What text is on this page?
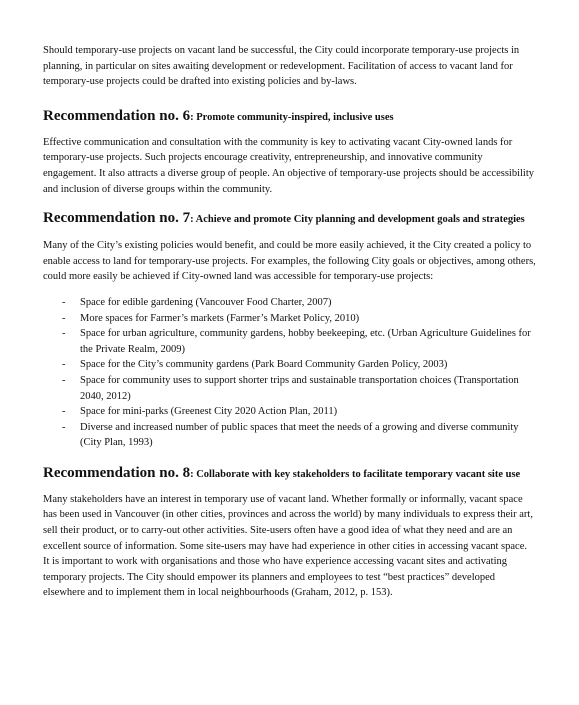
Should temporary-use projects on vacant land be successful, the City could incorporate temporary-use projects in planning, in particular on sites awaiting development or redevelopment. Facilitation of access to vacant land for temporary-use projects could be drafted into existing policies and by-laws.

Recommendation no. 6: Promote community-inspired, inclusive uses

Effective communication and consultation with the community is key to activating vacant City-owned lands for temporary-use projects. Such projects encourage creativity, entrepreneurship, and innovative community engagement. It also attracts a diverse group of people. An objective of temporary-use projects should be accessibility and inclusion of diverse groups within the community.

Recommendation no. 7: Achieve and promote City planning and development goals and strategies

Many of the City’s existing policies would benefit, and could be more easily achieved, it the City created a policy to enable access to land for temporary-use projects. For examples, the following City goals or objectives, among others, could more easily be achieved if City-owned land was accessible for temporary-use projects:

- Space for edible gardening (Vancouver Food Charter, 2007)
- More spaces for Farmer’s markets (Farmer’s Market Policy, 2010)
- Space for urban agriculture, community gardens, hobby beekeeping, etc. (Urban Agriculture Guidelines for the Private Realm, 2009)
- Space for the City’s community gardens (Park Board Community Garden Policy, 2003)
- Space for community uses to support shorter trips and sustainable transportation choices (Transportation 2040, 2012)
- Space for mini-parks (Greenest City 2020 Action Plan, 2011)
- Diverse and increased number of public spaces that meet the needs of a growing and diverse community (City Plan, 1993)
Recommendation no. 8: Collaborate with key stakeholders to facilitate temporary vacant site use

Many stakeholders have an interest in temporary use of vacant land. Whether formally or informally, vacant space has been used in Vancouver (in other cities, provinces and across the world) by many individuals to express their art, sell their product, or to carry-out other activities. Site-users often have a good idea of what they need and are an excellent source of information. Some site-users may have had experience in other cities in accessing vacant space. It is important to work with organisations and those who have experience accessing vacant sites and activating temporary projects. The City should empower its planners and employees to test “best practices” developed elsewhere and to implement them in local neighbourhoods (Graham, 2012, p. 153).
